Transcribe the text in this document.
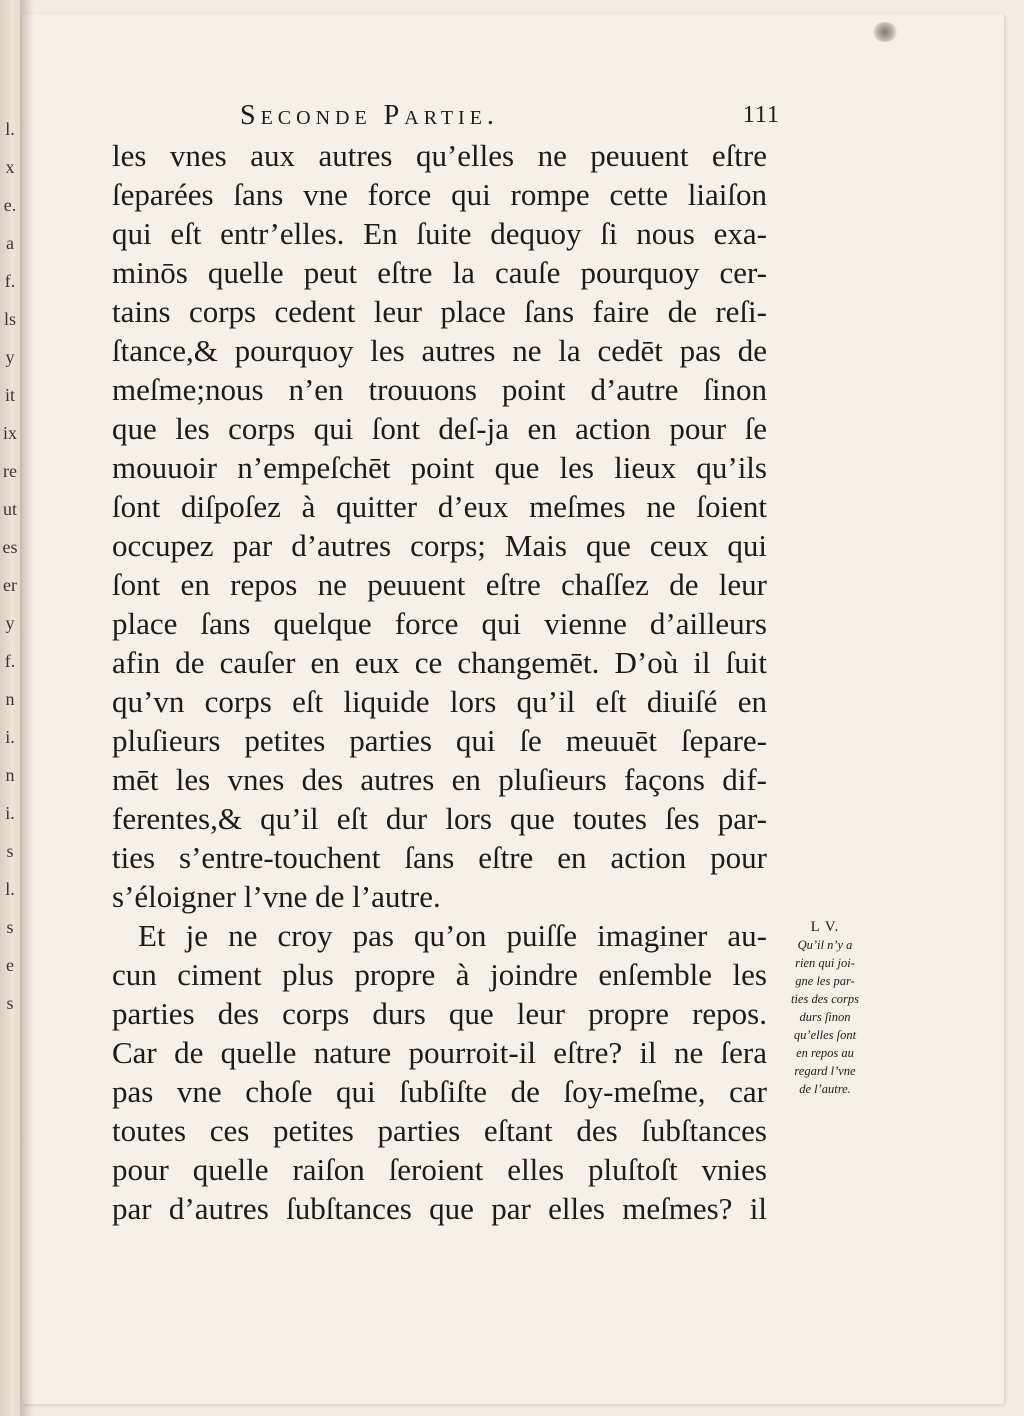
l.
x
e.
a
f.
ls
y
it
ix
re
ut
es
er
y
f.
n
i.
n
i.
s
l.
s
e
s
Seconde Partie.	111
les vnes aux autres qu’elles ne peuuent eſtre
ſeparées ſans vne force qui rompe cette liaiſon
qui eſt entr’elles. En ſuite dequoy ſi nous exa-
minōs quelle peut eſtre la cauſe pourquoy cer-
tains corps cedent leur place ſans faire de reſi-
ſtance,& pourquoy les autres ne la cedēt pas de
meſme;nous n’en trouuons point d’autre ſinon
que les corps qui ſont deſ-ja en action pour ſe
mouuoir n’empeſchēt point que les lieux qu’ils
ſont diſpoſez à quitter d’eux meſmes ne ſoient
occupez par d’autres corps; Mais que ceux qui
ſont en repos ne peuuent eſtre chaſſez de leur
place ſans quelque force qui vienne d’ailleurs
afin de cauſer en eux ce changemēt. D’où il ſuit
qu’vn corps eſt liquide lors qu’il eſt diuiſé en
pluſieurs petites parties qui ſe meuuēt ſepare-
mēt les vnes des autres en pluſieurs façons dif-
ferentes,& qu’il eſt dur lors que toutes ſes par-
ties s’entre-touchent ſans eſtre en action pour
s’éloigner l’vne de l’autre.
Et je ne croy pas qu’on puiſſe imaginer au-
cun ciment plus propre à joindre enſemble les
parties des corps durs que leur propre repos.
Car de quelle nature pourroit-il eſtre? il ne ſera
pas vne choſe qui ſubſiſte de ſoy-meſme, car
toutes ces petites parties eſtant des ſubſtances
pour quelle raiſon ſeroient elles pluſtoſt vnies
par d’autres ſubſtances que par elles meſmes? il
L V.
Qu’il n’y a
rien qui joi-
gne les par-
ties des corps
durs ſinon
qu’elles ſont
en repos au
regard l’vne
de l’autre.
